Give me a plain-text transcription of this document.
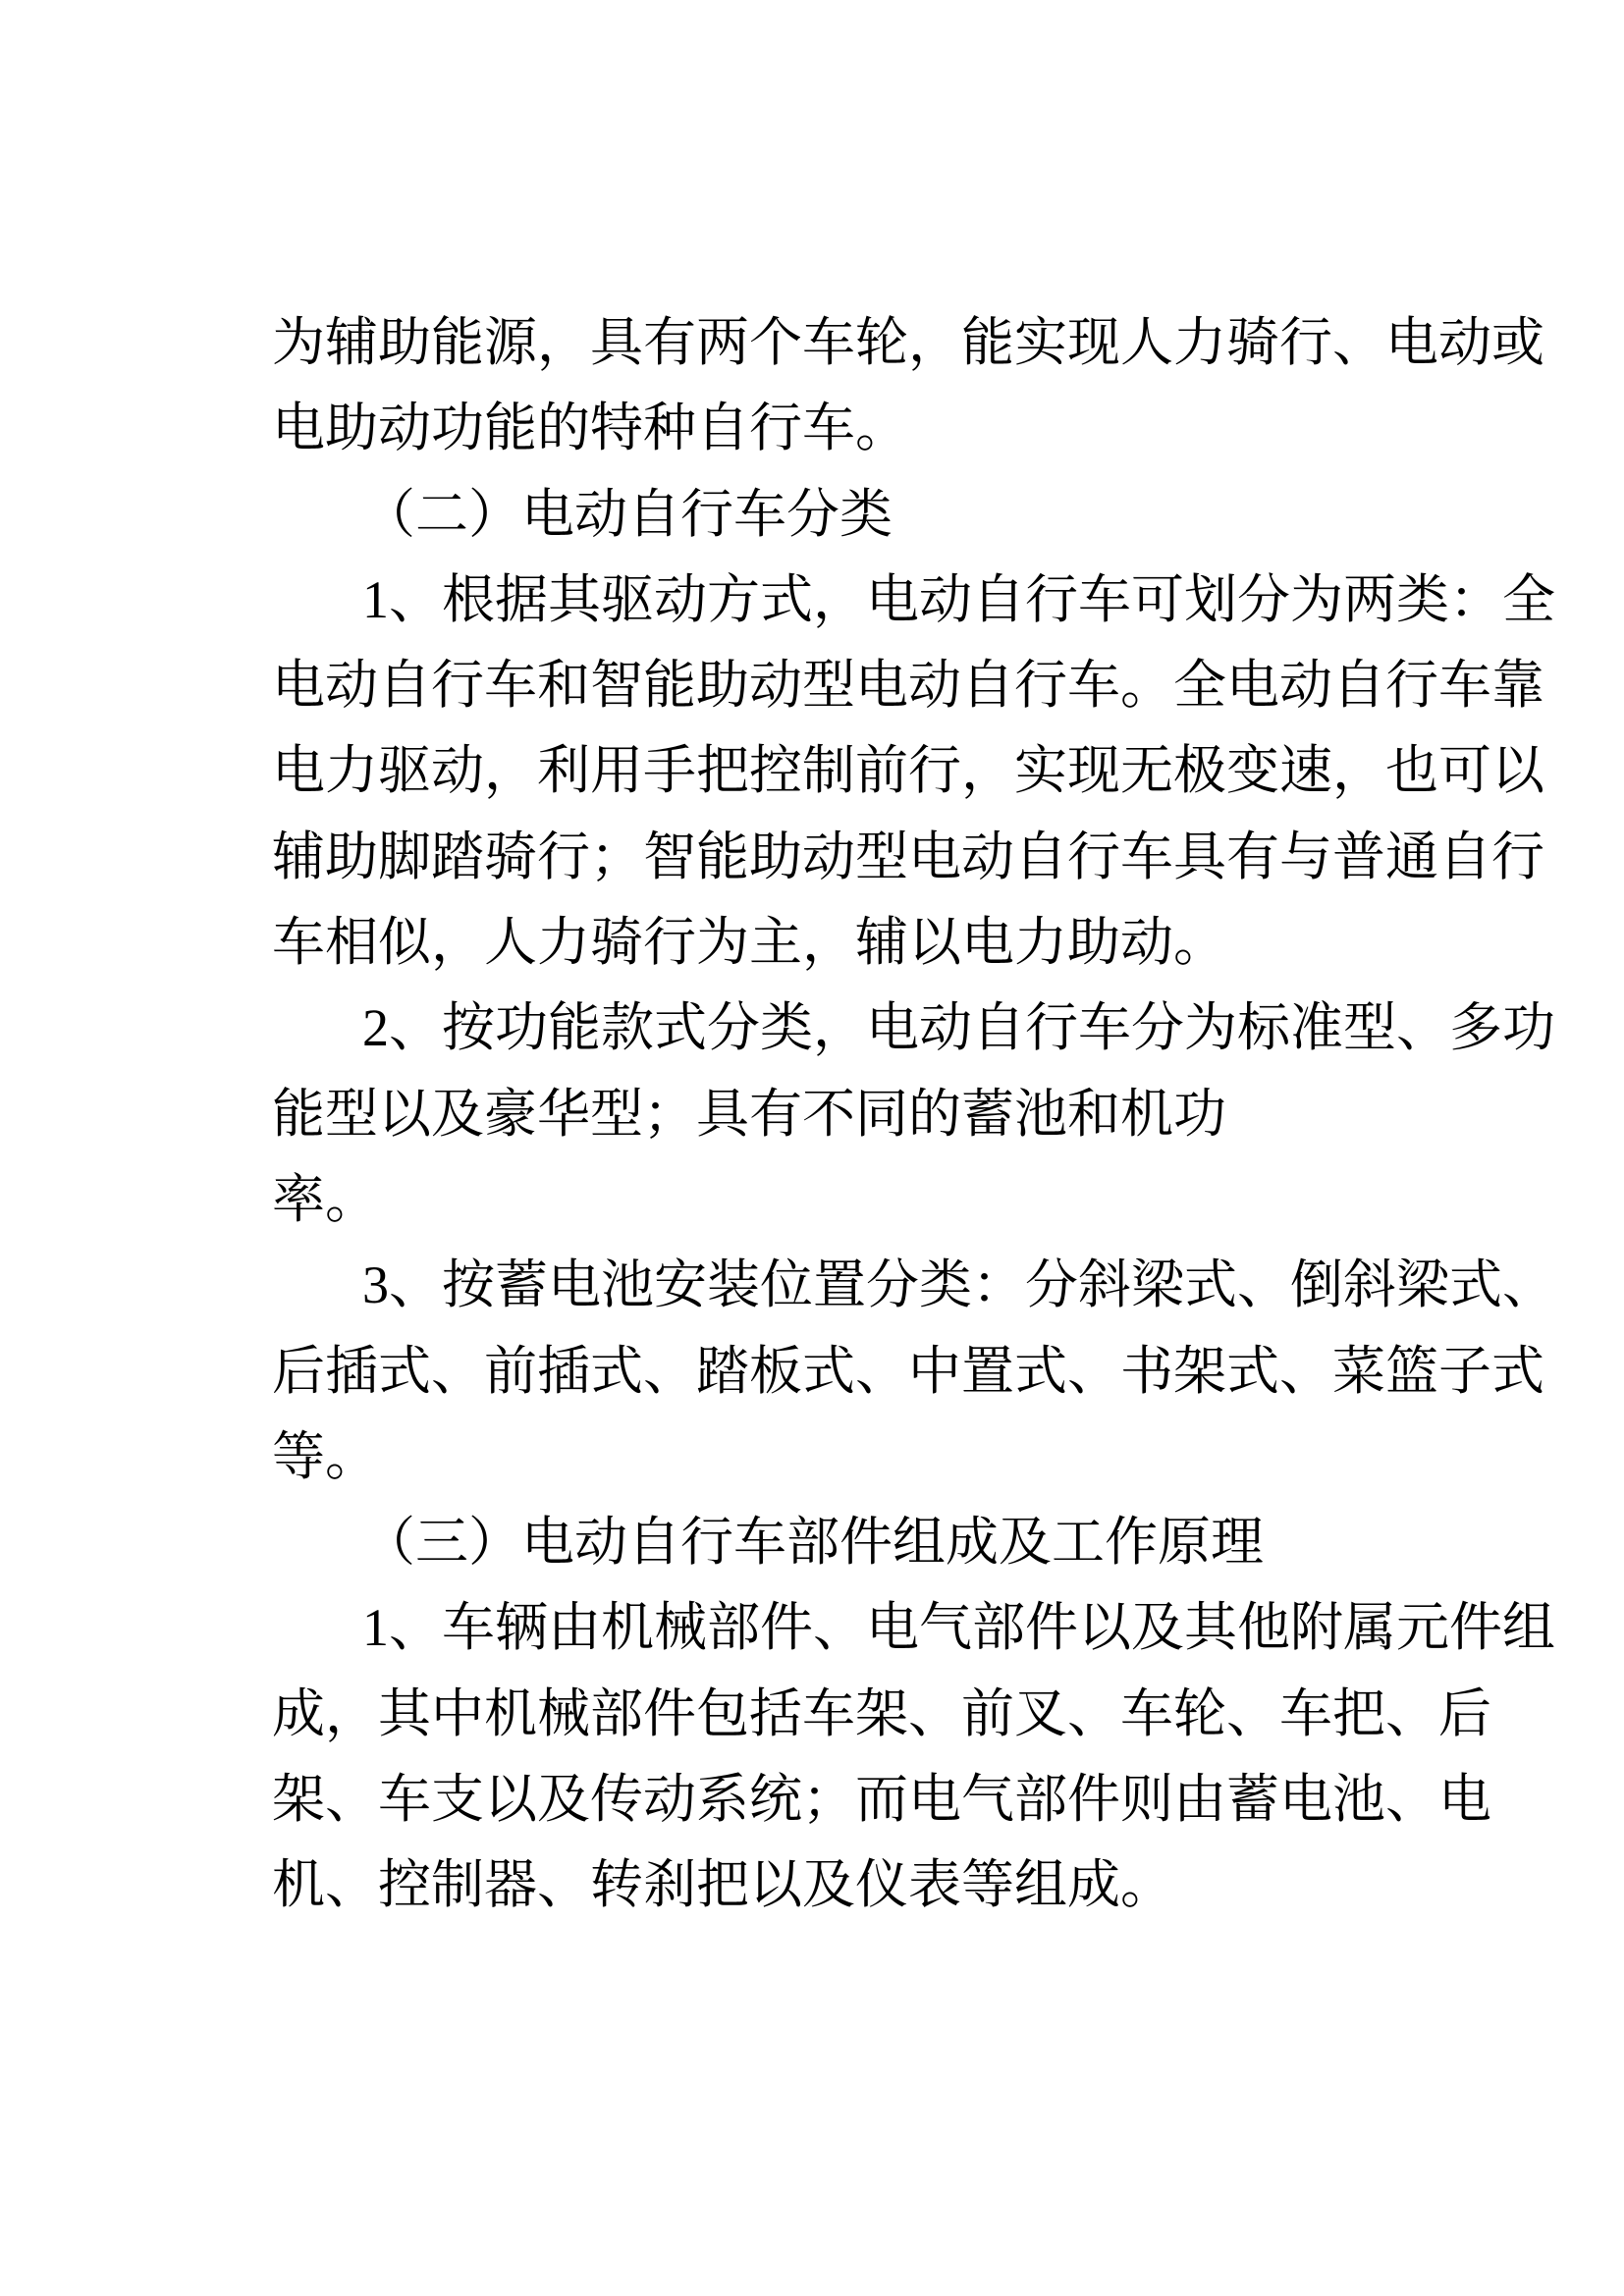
为辅助能源，具有两个车轮，能实现人力骑行、电动或
电助动功能的特种自行车。
（二）电动自行车分类
1、根据其驱动方式，电动自行车可划分为两类：全
电动自行车和智能助动型电动自行车。全电动自行车靠
电力驱动，利用手把控制前行，实现无极变速，也可以
辅助脚踏骑行；智能助动型电动自行车具有与普通自行
车相似，人力骑行为主，辅以电力助动。
2、按功能款式分类，电动自行车分为标准型、多功
能型以及豪华型；具有不同的蓄池和机功
率。
3、按蓄电池安装位置分类：分斜梁式、倒斜梁式、
后插式、前插式、踏板式、中置式、书架式、菜篮子式
等。
（三）电动自行车部件组成及工作原理
1、车辆由机械部件、电气部件以及其他附属元件组
成，其中机械部件包括车架、前叉、车轮、车把、后
架、车支以及传动系统；而电气部件则由蓄电池、电
机、控制器、转刹把以及仪表等组成。
